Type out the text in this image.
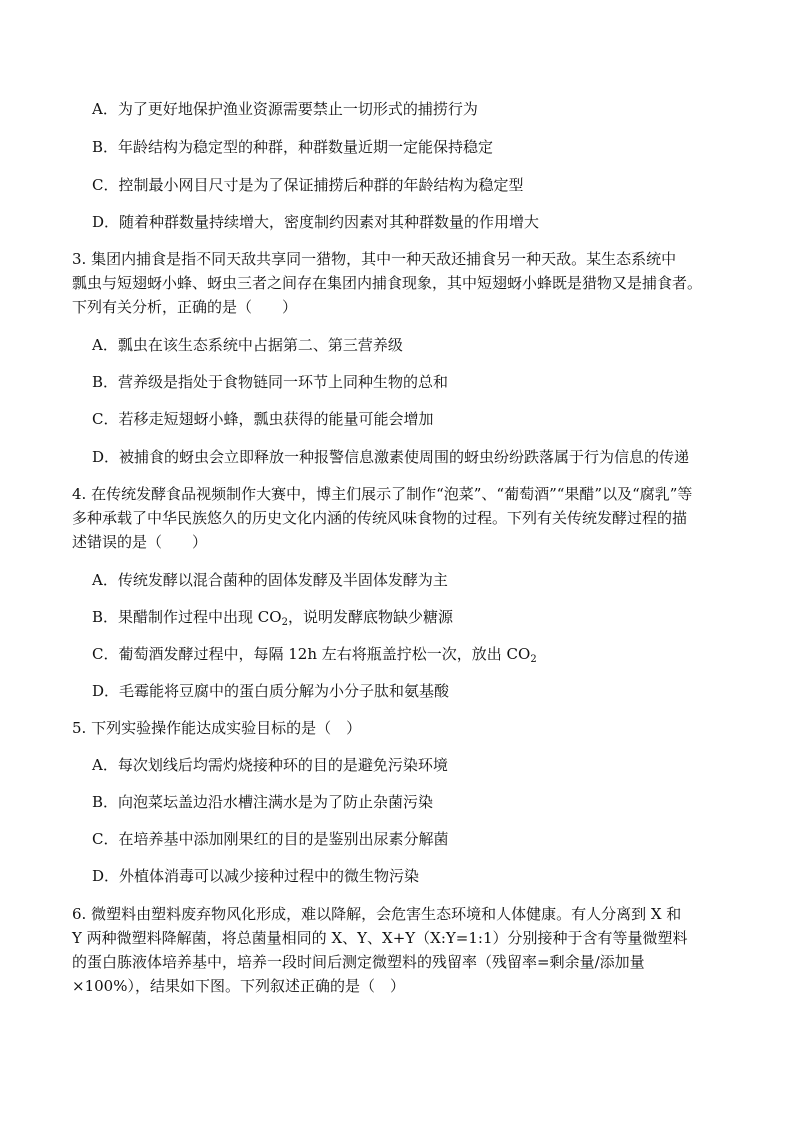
A．为了更好地保护渔业资源需要禁止一切形式的捕捞行为
B．年龄结构为稳定型的种群，种群数量近期一定能保持稳定
C．控制最小网目尺寸是为了保证捕捞后种群的年龄结构为稳定型
D．随着种群数量持续增大，密度制约因素对其种群数量的作用增大
3. 集团内捕食是指不同天敌共享同一猎物，其中一种天敌还捕食另一种天敌。某生态系统中
瓢虫与短翅蚜小蜂、蚜虫三者之间存在集团内捕食现象，其中短翅蚜小蜂既是猎物又是捕食者。
下列有关分析，正确的是（　　）
A．瓢虫在该生态系统中占据第二、第三营养级
B．营养级是指处于食物链同一环节上同种生物的总和
C．若移走短翅蚜小蜂，瓢虫获得的能量可能会增加
D．被捕食的蚜虫会立即释放一种报警信息激素使周围的蚜虫纷纷跌落属于行为信息的传递
4. 在传统发酵食品视频制作大赛中，博主们展示了制作“泡菜”、“葡萄酒”“果醋”以及“腐乳”等
多种承载了中华民族悠久的历史文化内涵的传统风味食物的过程。下列有关传统发酵过程的描
述错误的是（　　）
A．传统发酵以混合菌种的固体发酵及半固体发酵为主
B．果醋制作过程中出现 $CO_2$，说明发酵底物缺少糖源
C．葡萄酒发酵过程中，每隔 12h 左右将瓶盖拧松一次，放出 $CO_2$
D．毛霉能将豆腐中的蛋白质分解为小分子肽和氨基酸
5. 下列实验操作能达成实验目标的是（　）
A．每次划线后均需灼烧接种环的目的是避免污染环境
B．向泡菜坛盖边沿水槽注满水是为了防止杂菌污染
C．在培养基中添加刚果红的目的是鉴别出尿素分解菌
D．外植体消毒可以减少接种过程中的微生物污染
6. 微塑料由塑料废弃物风化形成，难以降解，会危害生态环境和人体健康。有人分离到 X 和
Y 两种微塑料降解菌，将总菌量相同的 X、Y、X+Y（X:Y=1:1）分别接种于含有等量微塑料
的蛋白胨液体培养基中，培养一段时间后测定微塑料的残留率（残留率=剩余量/添加量
×100%），结果如下图。下列叙述正确的是（　）
